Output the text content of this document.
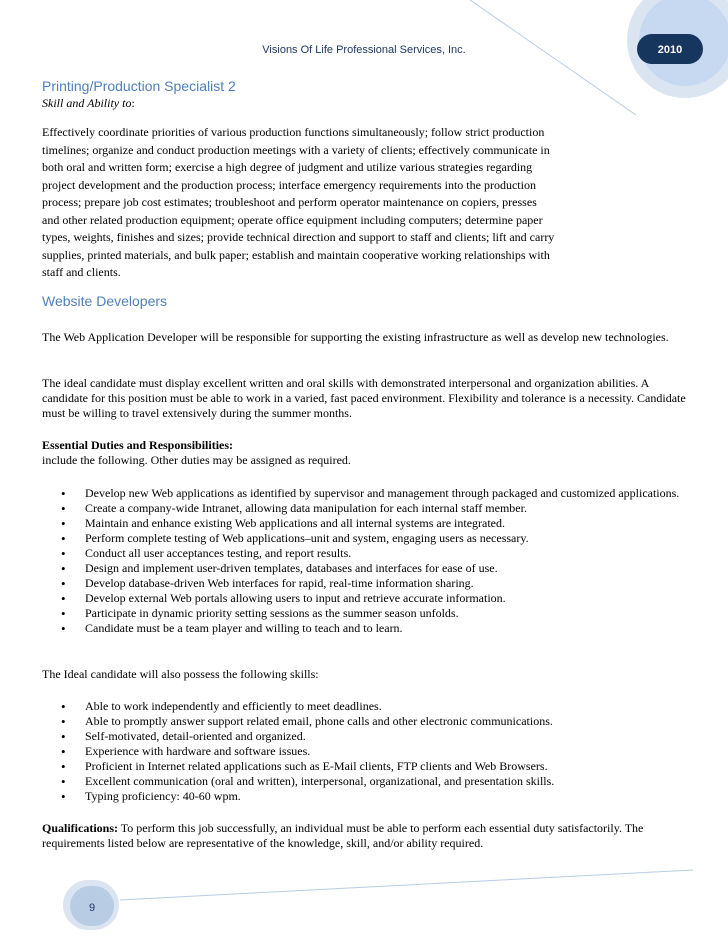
Visions Of Life Professional Services, Inc.	2010
Printing/Production Specialist 2
Skill and Ability to:
Effectively coordinate priorities of various production functions simultaneously; follow strict production
timelines; organize and conduct production meetings with a variety of clients; effectively communicate in
both oral and written form; exercise a high degree of judgment and utilize various strategies regarding
project development and the production process; interface emergency requirements into the production
process; prepare job cost estimates; troubleshoot and perform operator maintenance on copiers, presses
and other related production equipment; operate office equipment including computers; determine paper
types, weights, finishes and sizes; provide technical direction and support to staff and clients; lift and carry
supplies, printed materials, and bulk paper; establish and maintain cooperative working relationships with
staff and clients.
Website Developers
The Web Application Developer will be responsible for supporting the existing infrastructure as well as develop new technologies.
The ideal candidate must display excellent written and oral skills with demonstrated interpersonal and organization abilities. A candidate for this position must be able to work in a varied, fast paced environment. Flexibility and tolerance is a necessity. Candidate must be willing to travel extensively during the summer months.
Essential Duties and Responsibilities:
include the following. Other duties may be assigned as required.
• Develop new Web applications as identified by supervisor and management through packaged and customized applications.
• Create a company-wide Intranet, allowing data manipulation for each internal staff member.
• Maintain and enhance existing Web applications and all internal systems are integrated.
• Perform complete testing of Web applications–unit and system, engaging users as necessary.
• Conduct all user acceptances testing, and report results.
• Design and implement user-driven templates, databases and interfaces for ease of use.
• Develop database-driven Web interfaces for rapid, real-time information sharing.
• Develop external Web portals allowing users to input and retrieve accurate information.
• Participate in dynamic priority setting sessions as the summer season unfolds.
• Candidate must be a team player and willing to teach and to learn.
The Ideal candidate will also possess the following skills:
• Able to work independently and efficiently to meet deadlines.
• Able to promptly answer support related email, phone calls and other electronic communications.
• Self-motivated, detail-oriented and organized.
• Experience with hardware and software issues.
• Proficient in Internet related applications such as E-Mail clients, FTP clients and Web Browsers.
• Excellent communication (oral and written), interpersonal, organizational, and presentation skills.
• Typing proficiency: 40-60 wpm.
Qualifications: To perform this job successfully, an individual must be able to perform each essential duty satisfactorily. The requirements listed below are representative of the knowledge, skill, and/or ability required.
9
